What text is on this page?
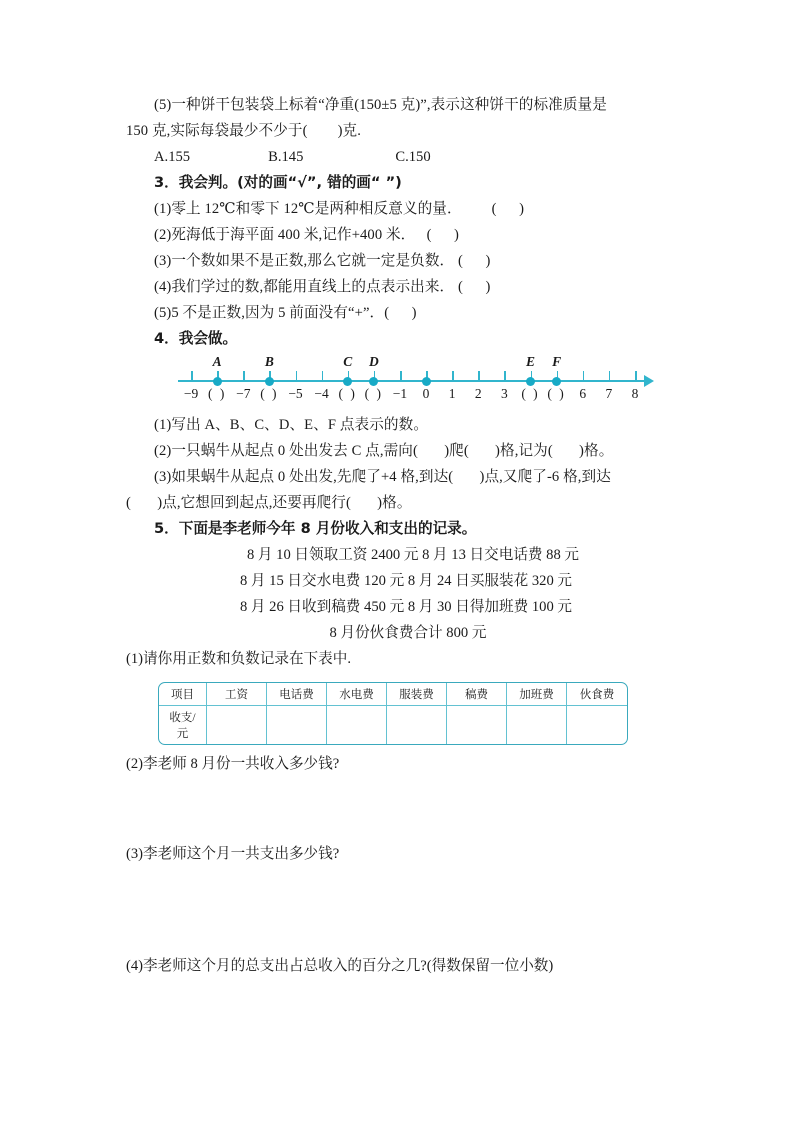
(5)一种饼干包装袋上标着“净重(150±5 克)”,表示这种饼干的标准质量是
150 克,实际每袋最少不少于(        )克.
A.155	B.145	C.150
3．我会判。(对的画“√”, 错的画“ ”)
(1)零上 12℃和零下 12℃是两种相反意义的量．        (      )
(2)死海低于海平面 400 米,记作+400 米．   (      )
(3)一个数如果不是正数,那么它就一定是负数． (      )
(4)我们学过的数,都能用直线上的点表示出来． (      )
(5)5 不是正数,因为 5 前面没有“+”．(      )
4．我会做。
−9 ( ) −7 ( ) −5 −4 ( ) ( ) −1 0 1 2 3 ( ) ( ) 6 7 8
A	B	C D	E F
(1)写出 A、B、C、D、E、F 点表示的数。
(2)一只蜗牛从起点 0 处出发去 C 点,需向(       )爬(       )格,记为(       )格。
(3)如果蜗牛从起点 0 处出发,先爬了+4 格,到达(       )点,又爬了-6 格,到达
(       )点,它想回到起点,还要再爬行(       )格。
5．下面是李老师今年 8 月份收入和支出的记录。
8 月 10 日领取工资 2400 元 8 月 13 日交电话费 88 元
8 月 15 日交水电费 120 元 8 月 24 日买服装花 320 元
8 月 26 日收到稿费 450 元 8 月 30 日得加班费 100 元
8 月份伙食费合计 800 元
(1)请你用正数和负数记录在下表中.
项目	工资	电话费	水电费	服装费	稿费	加班费	伙食费
收支/元							
(2)李老师 8 月份一共收入多少钱?
(3)李老师这个月一共支出多少钱?
(4)李老师这个月的总支出占总收入的百分之几?(得数保留一位小数)
